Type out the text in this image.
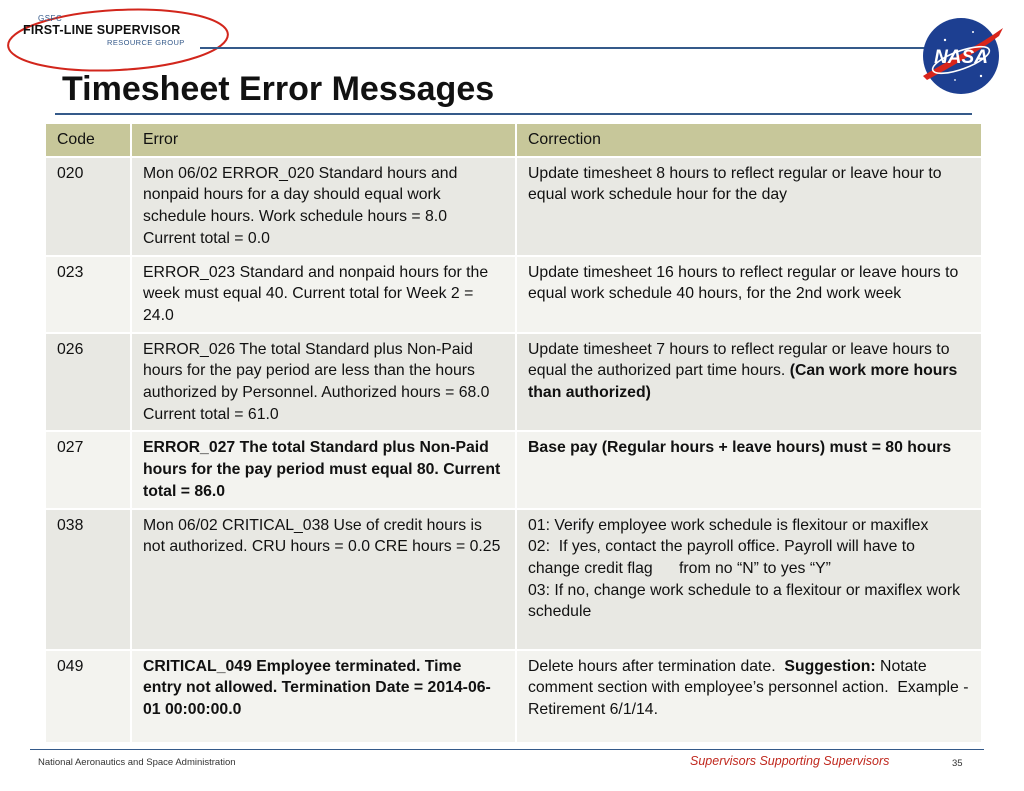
GSFC
FIRST-LINE SUPERVISOR
RESOURCE GROUP
Timesheet Error Messages
NASA
Code	Error	Correction
020	Mon 06/02 ERROR_020 Standard hours and nonpaid hours for a day should equal work schedule hours. Work schedule hours = 8.0 Current total = 0.0	Update timesheet 8 hours to reflect regular or leave hour to equal work schedule hour for the day
023	ERROR_023 Standard and nonpaid hours for the week must equal 40. Current total for Week 2 = 24.0	Update timesheet 16 hours to reflect regular or leave hours to equal work schedule 40 hours, for the 2nd work week
026	ERROR_026 The total Standard plus Non-Paid hours for the pay period are less than the hours authorized by Personnel. Authorized hours = 68.0 Current total = 61.0	Update timesheet 7 hours to reflect regular or leave hours to equal the authorized part time hours. (Can work more hours than authorized)
027	ERROR_027 The total Standard plus Non-Paid hours for the pay period must equal 80. Current total = 86.0	Base pay (Regular hours + leave hours) must = 80 hours
038	Mon 06/02 CRITICAL_038 Use of credit hours is not authorized. CRU hours = 0.0 CRE hours = 0.25	01: Verify employee work schedule is flexitour or maxiflex
02:  If yes, contact the payroll office. Payroll will have to change credit flag      from no “N” to yes “Y”
03: If no, change work schedule to a flexitour or maxiflex work schedule

049	CRITICAL_049 Employee terminated. Time entry not allowed. Termination Date = 2014-06-01 00:00:00.0	Delete hours after termination date.  Suggestion: Notate comment section with employee’s personnel action.  Example - Retirement 6/1/14.
National Aeronautics and Space Administration	Supervisors Supporting Supervisors	35
